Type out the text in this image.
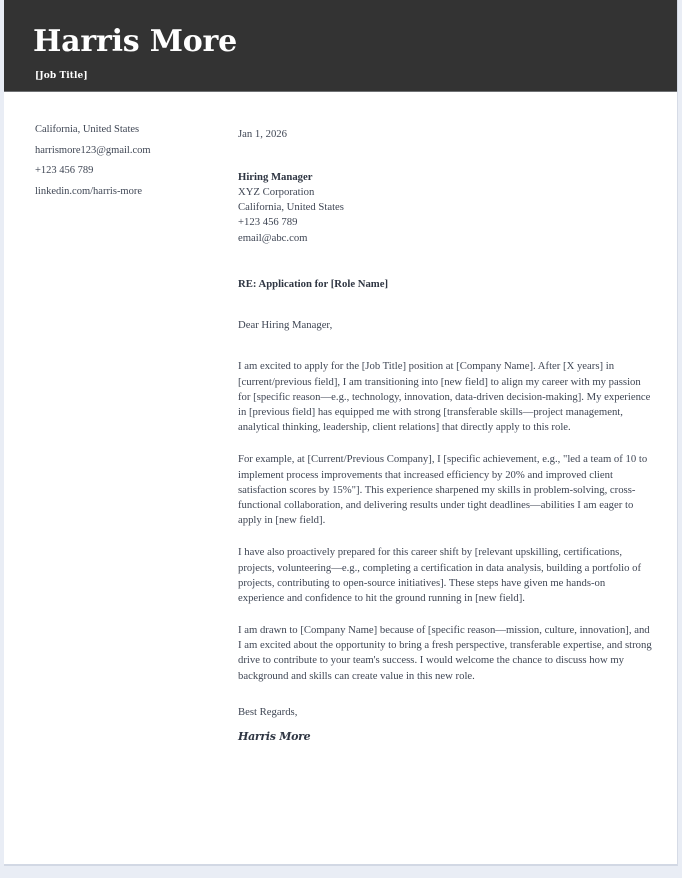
Harris More
[Job Title]
California, United States
harrismore123@gmail.com
+123 456 789
linkedin.com/harris-more
Jan 1, 2026
Hiring Manager
XYZ Corporation
California, United States
+123 456 789
email@abc.com
RE: Application for [Role Name]
Dear Hiring Manager,
I am excited to apply for the [Job Title] position at [Company Name]. After [X years] in [current/previous field], I am transitioning into [new field] to align my career with my passion for [specific reason—e.g., technology, innovation, data-driven decision-making]. My experience in [previous field] has equipped me with strong [transferable skills—project management, analytical thinking, leadership, client relations] that directly apply to this role.
For example, at [Current/Previous Company], I [specific achievement, e.g., "led a team of 10 to implement process improvements that increased efficiency by 20% and improved client satisfaction scores by 15%"]. This experience sharpened my skills in problem-solving, cross-functional collaboration, and delivering results under tight deadlines—abilities I am eager to apply in [new field].
I have also proactively prepared for this career shift by [relevant upskilling, certifications, projects, volunteering—e.g., completing a certification in data analysis, building a portfolio of projects, contributing to open-source initiatives]. These steps have given me hands-on experience and confidence to hit the ground running in [new field].
I am drawn to [Company Name] because of [specific reason—mission, culture, innovation], and I am excited about the opportunity to bring a fresh perspective, transferable expertise, and strong drive to contribute to your team's success. I would welcome the chance to discuss how my background and skills can create value in this new role.
Best Regards,
Harris More
